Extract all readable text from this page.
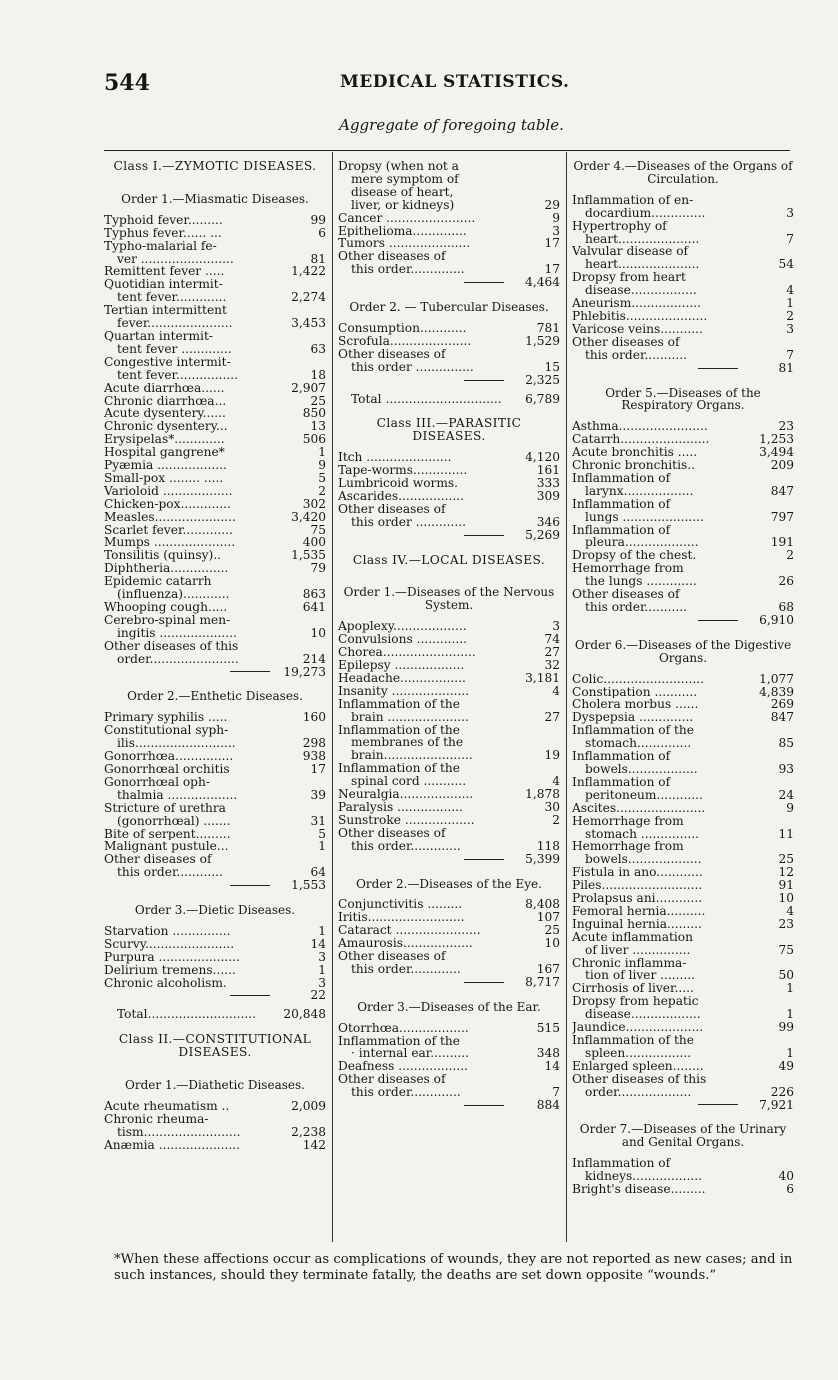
544	MEDICAL STATISTICS.
Aggregate of foregoing table.
Class I.—ZYMOTIC DISEASES.
Order 1.—Miasmatic Diseases.
Typhoid fever.........	99
Typhus fever...... ...	6
Typho-malarial fe-
ver ........................	81
Remittent fever .....	1,422
Quotidian intermit-
tent fever.............	2,274
Tertian intermittent
fever......................	3,453
Quartan intermit-
tent fever .............	63
Congestive intermit-
tent fever................	18
Acute diarrhœa......	2,907
Chronic diarrhœa...	25
Acute dysentery......	850
Chronic dysentery...	13
Erysipelas*.............	506
Hospital gangrene*	1
Pyæmia ..................	9
Small-pox ........ .....	5
Varioloid ..................	2
Chicken-pox.............	302
Measles.....................	3,420
Scarlet fever.............	75
Mumps .....................	400
Tonsilitis (quinsy)..	1,535
Diphtheria...............	79
Epidemic catarrh
(influenza)............	863
Whooping cough.....	641
Cerebro-spinal men-
ingitis ....................	10
Other diseases of this
order.......................	214
19,273
Order 2.—Enthetic Diseases.
Primary syphilis .....	160
Constitutional syph-
ilis..........................	298
Gonorrhœa...............	938
Gonorrhœal orchitis	17
Gonorrhœal oph-
thalmia ..................	39
Stricture of urethra
(gonorrhœal) .......	31
Bite of serpent.........	5
Malignant pustule...	1
Other diseases of
this order............	64
1,553
Order 3.—Dietic Diseases.
Starvation ...............	1
Scurvy.......................	14
Purpura .....................	3
Delirium tremens......	1
Chronic alcoholism.	3
22
Total............................	20,848
Class II.—CONSTITUTIONAL DISEASES.
Order 1.—Diathetic Diseases.
Acute rheumatism ..	2,009
Chronic rheuma-
tism.........................	2,238
Anæmia .....................	142
Dropsy (when not a
mere symptom of
disease of heart,
liver, or kidneys)	29
Cancer .......................	9
Epithelioma..............	3
Tumors .....................	17
Other diseases of
this order..............	17
4,464
Order 2. — Tubercular Diseases.
Consumption............	781
Scrofula.....................	1,529
Other diseases of
this order ...............	15
2,325
Total ..............................	6,789
Class III.—PARASITIC DISEASES.
Itch ......................	4,120
Tape-worms..............	161
Lumbricoid worms.	333
Ascarides.................	309
Other diseases of
this order .............	346
5,269
Class IV.—LOCAL DISEASES.
Order 1.—Diseases of the Nervous System.
Apoplexy...................	3
Convulsions .............	74
Chorea........................	27
Epilepsy ..................	32
Headache.................	3,181
Insanity ....................	4
Inflammation of the
brain .....................	27
Inflammation of the
membranes of the
brain.......................	19
Inflammation of the
spinal cord ...........	4
Neuralgia...................	1,878
Paralysis .................	30
Sunstroke ..................	2
Other diseases of
this order.............	118
5,399
Order 2.—Diseases of the Eye.
Conjunctivitis .........	8,408
Iritis.........................	107
Cataract ......................	25
Amaurosis..................	10
Other diseases of
this order.............	167
8,717
Order 3.—Diseases of the Ear.
Otorrhœa..................	515
Inflammation of the
· internal ear..........	348
Deafness ..................	14
Other diseases of
this order.............	7
884
Order 4.—Diseases of the Organs of Circulation.
Inflammation of en-
docardium..............	3
Hypertrophy of
heart.....................	7
Valvular disease of
heart.....................	54
Dropsy from heart
disease.................	4
Aneurism..................	1
Phlebitis.....................	2
Varicose veins...........	3
Other diseases of
this order...........	7
81
Order 5.—Diseases of the Respiratory Organs.
Asthma.......................	23
Catarrh.......................	1,253
Acute bronchitis .....	3,494
Chronic bronchitis..	209
Inflammation of
larynx..................	847
Inflammation of
lungs .....................	797
Inflammation of
pleura...................	191
Dropsy of the chest.	2
Hemorrhage from
the lungs .............	26
Other diseases of
this order...........	68
6,910
Order 6.—Diseases of the Digestive Organs.
Colic..........................	1,077
Constipation ...........	4,839
Cholera morbus ......	269
Dyspepsia ..............	847
Inflammation of the
stomach..............	85
Inflammation of
bowels..................	93
Inflammation of
peritoneum............	24
Ascites.......................	9
Hemorrhage from
stomach ...............	11
Hemorrhage from
bowels...................	25
Fistula in ano............	12
Piles..........................	91
Prolapsus ani............	10
Femoral hernia..........	4
Inguinal hernia.........	23
Acute inflammation
of liver ...............	75
Chronic inflamma-
tion of liver .........	50
Cirrhosis of liver.....	1
Dropsy from hepatic
disease..................	1
Jaundice....................	99
Inflammation of the
spleen.................	1
Enlarged spleen........	49
Other diseases of this
order...................	226
7,921
Order 7.—Diseases of the Urinary and Genital Organs.
Inflammation of
kidneys..................	40
Bright's disease.........	6
*When these affections occur as complications of wounds, they are not reported as new cases; and in such instances, should they terminate fatally, the deaths are set down opposite “wounds.”
